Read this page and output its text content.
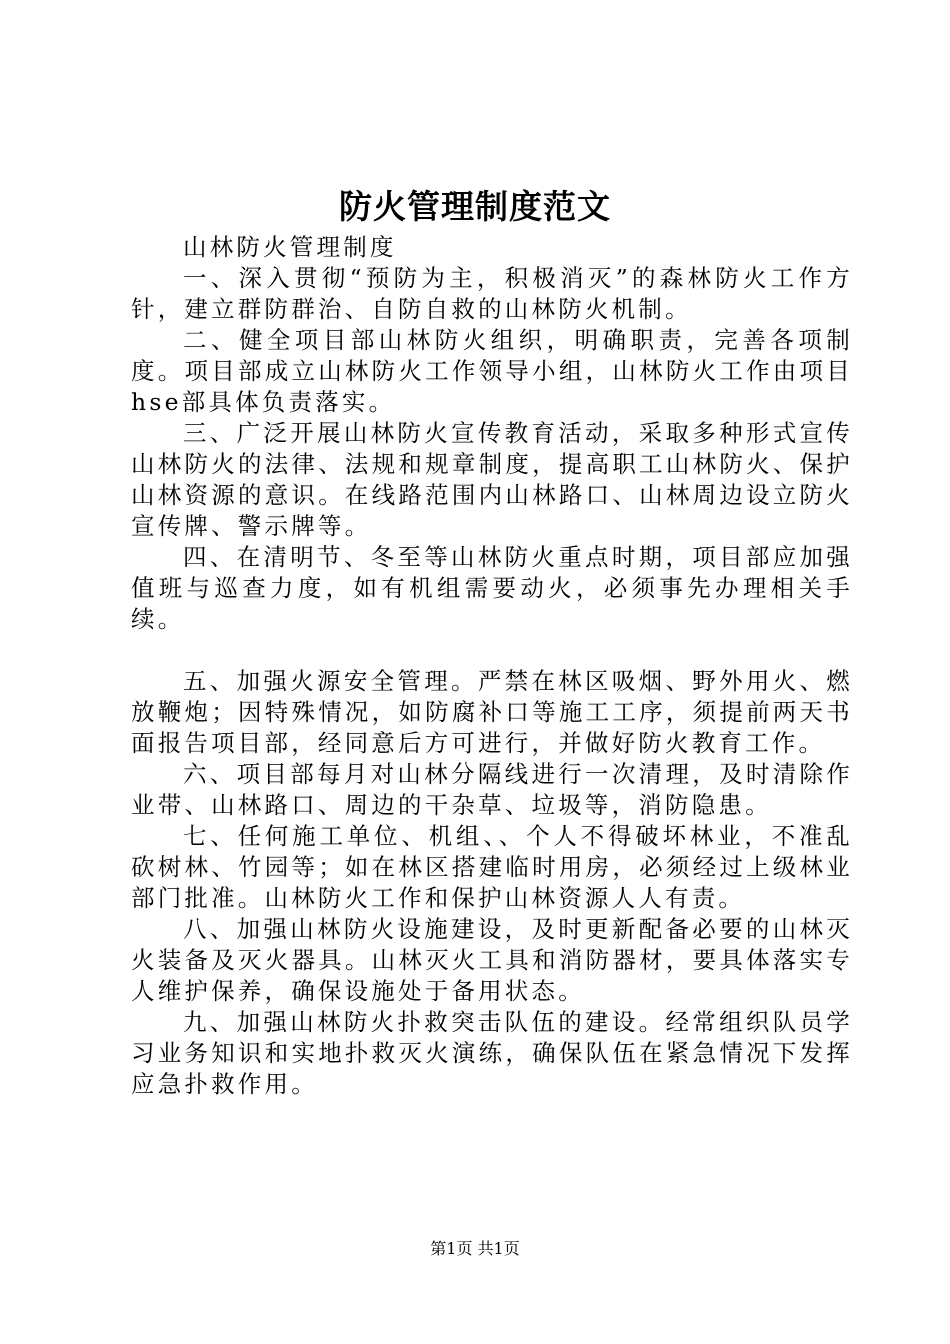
防火管理制度范文

山林防火管理制度

一、深入贯彻“预防为主，积极消灭”的森林防火工作方针，建立群防群治、自防自救的山林防火机制。

二、健全项目部山林防火组织，明确职责，完善各项制度。项目部成立山林防火工作领导小组，山林防火工作由项目hse部具体负责落实。

三、广泛开展山林防火宣传教育活动，采取多种形式宣传山林防火的法律、法规和规章制度，提高职工山林防火、保护山林资源的意识。在线路范围内山林路口、山林周边设立防火宣传牌、警示牌等。

四、在清明节、冬至等山林防火重点时期，项目部应加强值班与巡查力度，如有机组需要动火，必须事先办理相关手续。

五、加强火源安全管理。严禁在林区吸烟、野外用火、燃放鞭炮；因特殊情况，如防腐补口等施工工序，须提前两天书面报告项目部，经同意后方可进行，并做好防火教育工作。

六、项目部每月对山林分隔线进行一次清理，及时清除作业带、山林路口、周边的干杂草、垃圾等，消防隐患。

七、任何施工单位、机组、、个人不得破坏林业，不准乱砍树林、竹园等；如在林区搭建临时用房，必须经过上级林业部门批准。山林防火工作和保护山林资源人人有责。

八、加强山林防火设施建设，及时更新配备必要的山林灭火装备及灭火器具。山林灭火工具和消防器材，要具体落实专人维护保养，确保设施处于备用状态。

九、加强山林防火扑救突击队伍的建设。经常组织队员学习业务知识和实地扑救灭火演练，确保队伍在紧急情况下发挥应急扑救作用。

第1页 共1页
